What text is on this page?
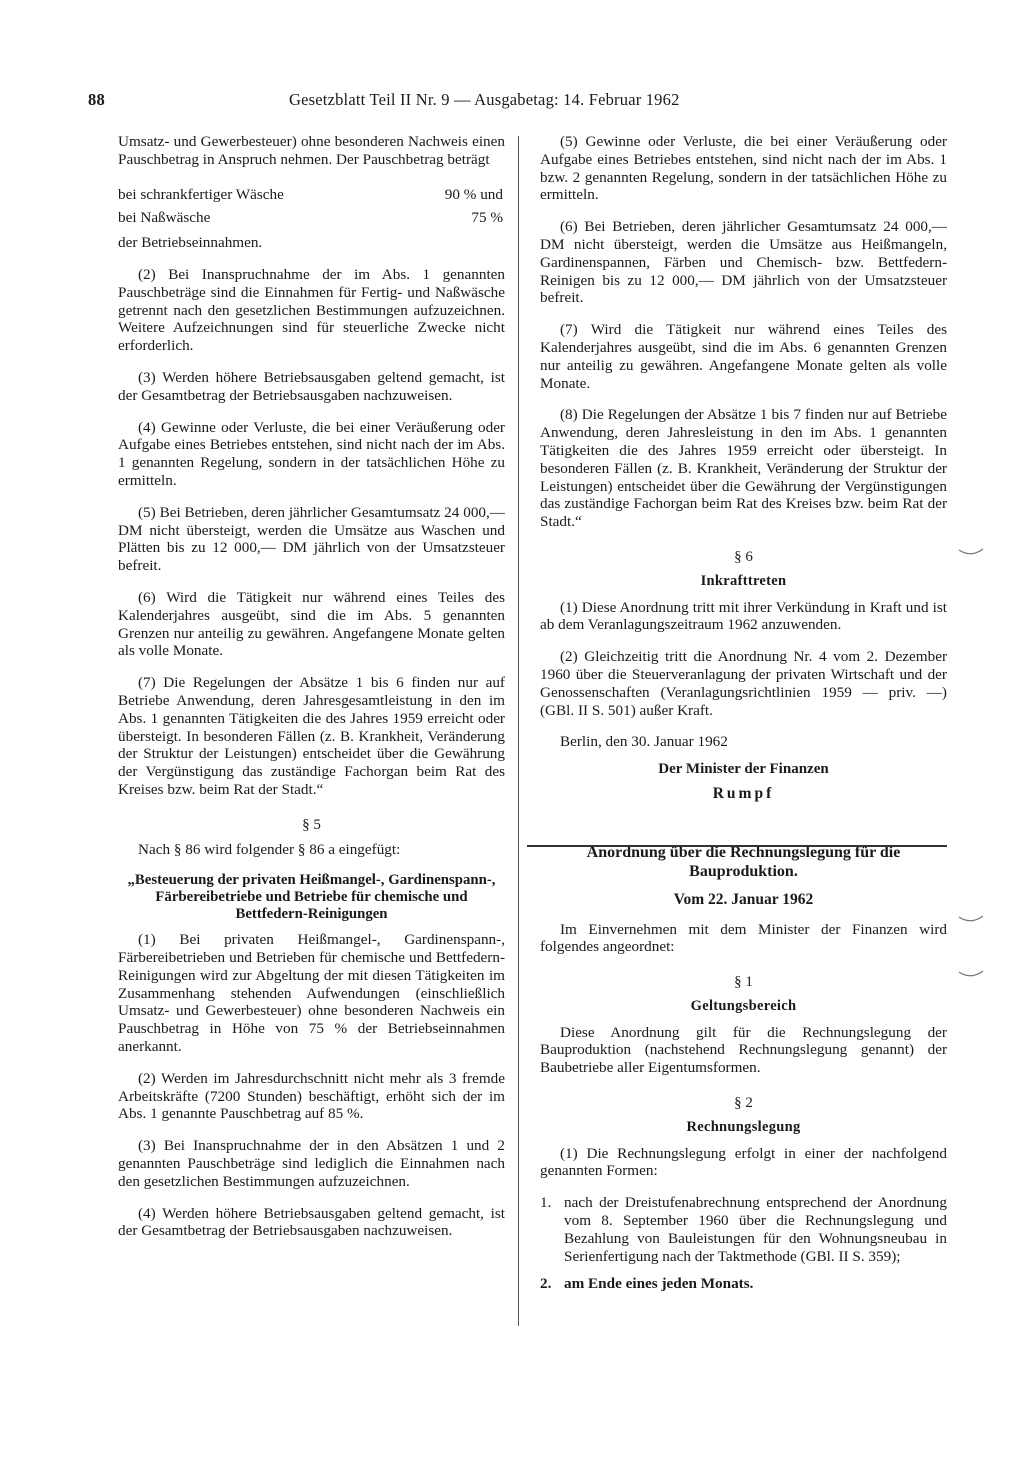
88	Gesetzblatt Teil II Nr. 9 — Ausgabetag: 14. Februar 1962

Umsatz- und Gewerbesteuer) ohne besonderen Nachweis einen Pauschbetrag in Anspruch nehmen. Der Pauschbetrag beträgt

bei schrankfertiger Wäsche	90 % und
bei Naßwäsche	75 %

der Betriebseinnahmen.

(2) Bei Inanspruchnahme der im Abs. 1 genannten Pauschbeträge sind die Einnahmen für Fertig- und Naßwäsche getrennt nach den gesetzlichen Bestimmungen aufzuzeichnen. Weitere Aufzeichnungen sind für steuerliche Zwecke nicht erforderlich.

(3) Werden höhere Betriebsausgaben geltend gemacht, ist der Gesamtbetrag der Betriebsausgaben nachzuweisen.

(4) Gewinne oder Verluste, die bei einer Veräußerung oder Aufgabe eines Betriebes entstehen, sind nicht nach der im Abs. 1 genannten Regelung, sondern in der tatsächlichen Höhe zu ermitteln.

(5) Bei Betrieben, deren jährlicher Gesamtumsatz 24 000,— DM nicht übersteigt, werden die Umsätze aus Waschen und Plätten bis zu 12 000,— DM jährlich von der Umsatzsteuer befreit.

(6) Wird die Tätigkeit nur während eines Teiles des Kalenderjahres ausgeübt, sind die im Abs. 5 genannten Grenzen nur anteilig zu gewähren. Angefangene Monate gelten als volle Monate.

(7) Die Regelungen der Absätze 1 bis 6 finden nur auf Betriebe Anwendung, deren Jahresgesamtleistung in den im Abs. 1 genannten Tätigkeiten die des Jahres 1959 erreicht oder übersteigt. In besonderen Fällen (z. B. Krankheit, Veränderung der Struktur der Leistungen) entscheidet über die Gewährung der Vergünstigung das zuständige Fachorgan beim Rat des Kreises bzw. beim Rat der Stadt.“

§ 5

Nach § 86 wird folgender § 86 a eingefügt:

„Besteuerung der privaten Heißmangel-, Gardinenspann-, Färbereibetriebe und Betriebe für chemische und Bettfedern-Reinigungen

(1) Bei privaten Heißmangel-, Gardinenspann-, Färbereibetrieben und Betrieben für chemische und Bettfedern-Reinigungen wird zur Abgeltung der mit diesen Tätigkeiten im Zusammenhang stehenden Aufwendungen (einschließlich Umsatz- und Gewerbesteuer) ohne besonderen Nachweis ein Pauschbetrag in Höhe von 75 % der Betriebseinnahmen anerkannt.

(2) Werden im Jahresdurchschnitt nicht mehr als 3 fremde Arbeitskräfte (7200 Stunden) beschäftigt, erhöht sich der im Abs. 1 genannte Pauschbetrag auf 85 %.

(3) Bei Inanspruchnahme der in den Absätzen 1 und 2 genannten Pauschbeträge sind lediglich die Einnahmen nach den gesetzlichen Bestimmungen aufzuzeichnen.

(4) Werden höhere Betriebsausgaben geltend gemacht, ist der Gesamtbetrag der Betriebsausgaben nachzuweisen.

(5) Gewinne oder Verluste, die bei einer Veräußerung oder Aufgabe eines Betriebes entstehen, sind nicht nach der im Abs. 1 bzw. 2 genannten Regelung, sondern in der tatsächlichen Höhe zu ermitteln.

(6) Bei Betrieben, deren jährlicher Gesamtumsatz 24 000,— DM nicht übersteigt, werden die Umsätze aus Heißmangeln, Gardinenspannen, Färben und Chemisch- bzw. Bettfedern-Reinigen bis zu 12 000,— DM jährlich von der Umsatzsteuer befreit.

(7) Wird die Tätigkeit nur während eines Teiles des Kalenderjahres ausgeübt, sind die im Abs. 6 genannten Grenzen nur anteilig zu gewähren. Angefangene Monate gelten als volle Monate.

(8) Die Regelungen der Absätze 1 bis 7 finden nur auf Betriebe Anwendung, deren Jahresleistung in den im Abs. 1 genannten Tätigkeiten die des Jahres 1959 erreicht oder übersteigt. In besonderen Fällen (z. B. Krankheit, Veränderung der Struktur der Leistungen) entscheidet über die Gewährung der Vergünstigungen das zuständige Fachorgan beim Rat des Kreises bzw. beim Rat der Stadt.“

§ 6
Inkrafttreten

(1) Diese Anordnung tritt mit ihrer Verkündung in Kraft und ist ab dem Veranlagungszeitraum 1962 anzuwenden.

(2) Gleichzeitig tritt die Anordnung Nr. 4 vom 2. Dezember 1960 über die Steuerveranlagung der privaten Wirtschaft und der Genossenschaften (Veranlagungsrichtlinien 1959 — priv. —) (GBl. II S. 501) außer Kraft.

Berlin, den 30. Januar 1962

Der Minister der Finanzen
Rumpf
Anordnung über die Rechnungslegung für die Bauproduktion.
Vom 22. Januar 1962

Im Einvernehmen mit dem Minister der Finanzen wird folgendes angeordnet:

§ 1
Geltungsbereich

Diese Anordnung gilt für die Rechnungslegung der Bauproduktion (nachstehend Rechnungslegung genannt) der Baubetriebe aller Eigentumsformen.

§ 2
Rechnungslegung

(1) Die Rechnungslegung erfolgt in einer der nachfolgend genannten Formen:

1. nach der Dreistufenabrechnung entsprechend der Anordnung vom 8. September 1960 über die Rechnungslegung und Bezahlung von Bauleistungen für den Wohnungsneubau in Serienfertigung nach der Taktmethode (GBl. II S. 359);
2. am Ende eines jeden Monats.
